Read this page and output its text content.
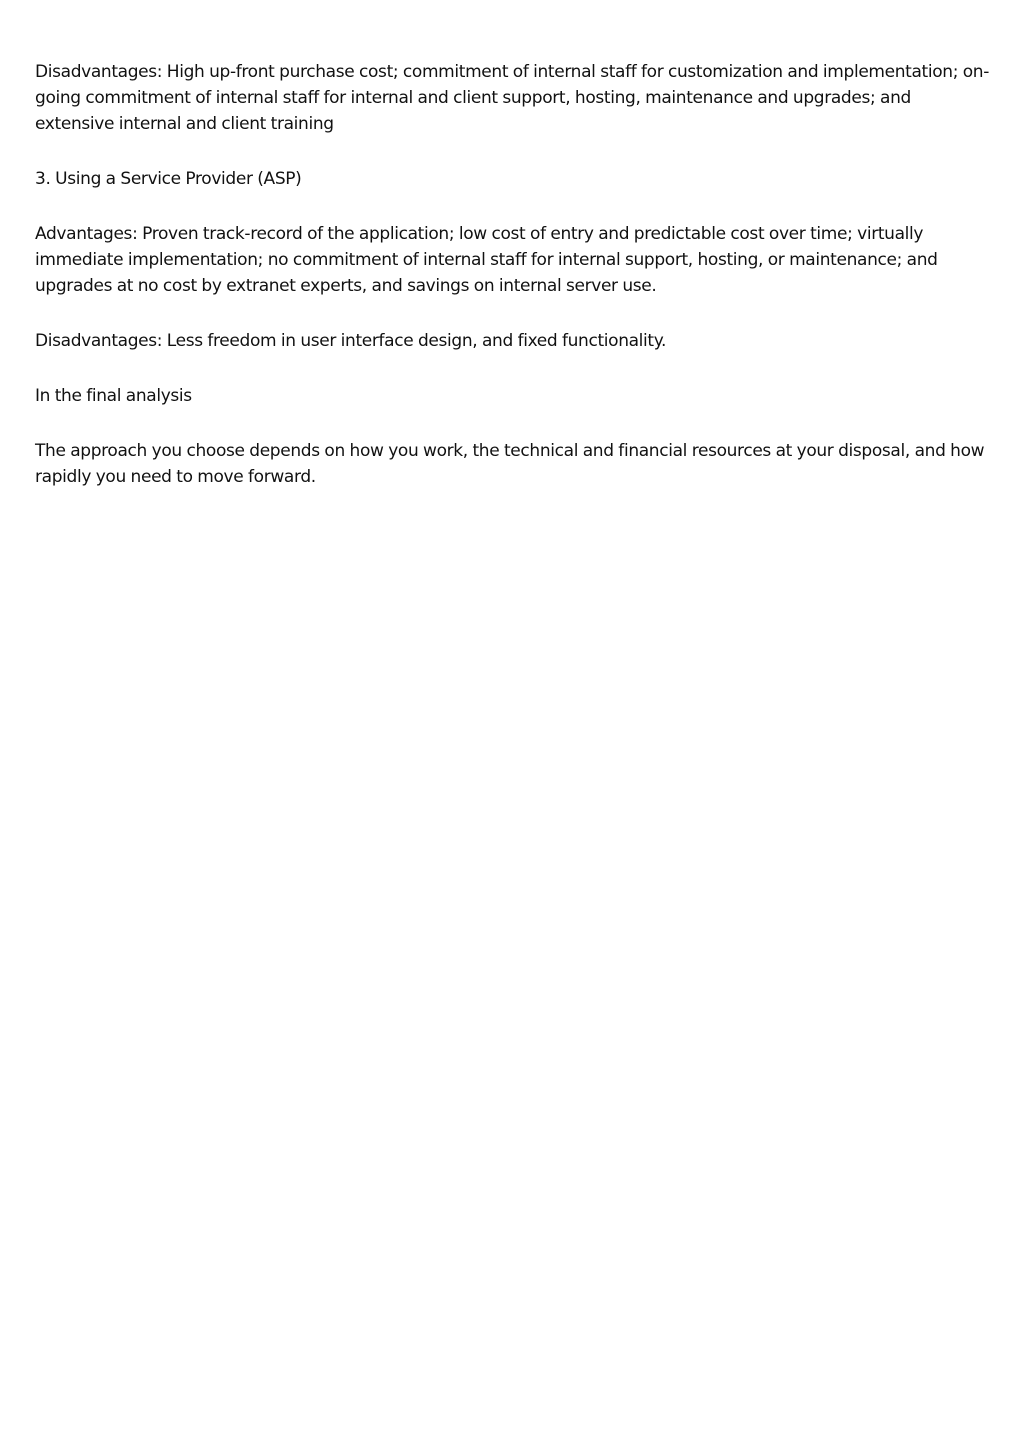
Disadvantages: High up-front purchase cost; commitment of internal staff for customization and implementation; on-going commitment of internal staff for internal and client support, hosting, maintenance and upgrades; and extensive internal and client training

3. Using a Service Provider (ASP)

Advantages: Proven track-record of the application; low cost of entry and predictable cost over time; virtually immediate implementation; no commitment of internal staff for internal support, hosting, or maintenance; and upgrades at no cost by extranet experts, and savings on internal server use.

Disadvantages: Less freedom in user interface design, and fixed functionality.

In the final analysis

The approach you choose depends on how you work, the technical and financial resources at your disposal, and how rapidly you need to move forward.
